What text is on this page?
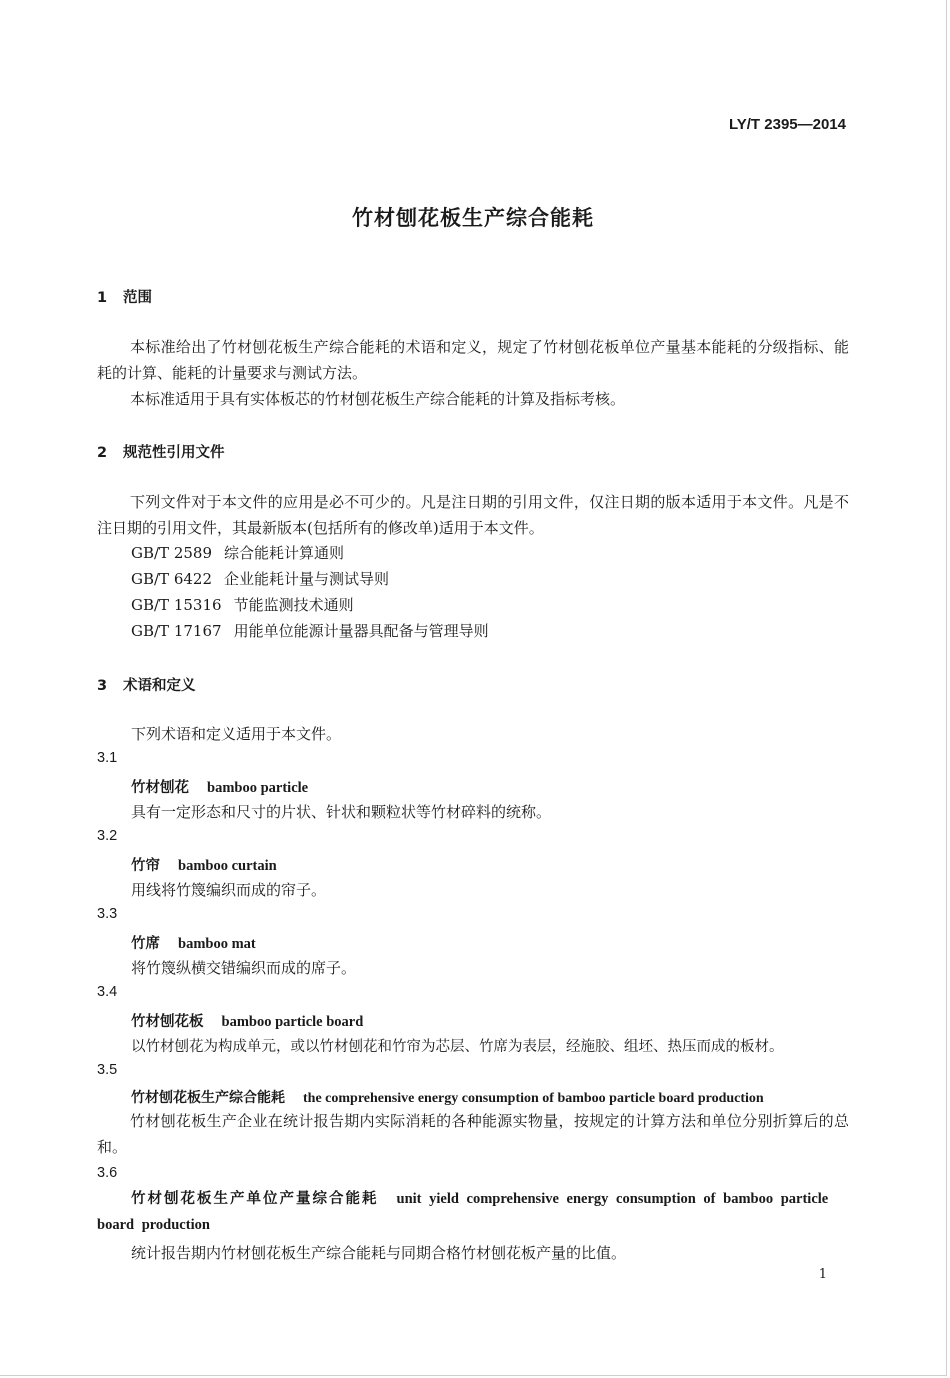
LY/T 2395—2014
竹材刨花板生产综合能耗
1 范围

本标准给出了竹材刨花板生产综合能耗的术语和定义，规定了竹材刨花板单位产量基本能耗的分级指标、能耗的计算、能耗的计量要求与测试方法。

本标准适用于具有实体板芯的竹材刨花板生产综合能耗的计算及指标考核。

2 规范性引用文件

下列文件对于本文件的应用是必不可少的。凡是注日期的引用文件，仅注日期的版本适用于本文件。凡是不注日期的引用文件，其最新版本(包括所有的修改单)适用于本文件。

GB/T 2589 综合能耗计算通则
GB/T 6422 企业能耗计量与测试导则
GB/T 15316 节能监测技术通则
GB/T 17167 用能单位能源计量器具配备与管理导则
3 术语和定义
下列术语和定义适用于本文件。
3.1
竹材刨花 bamboo particle
具有一定形态和尺寸的片状、针状和颗粒状等竹材碎料的统称。
3.2
竹帘 bamboo curtain
用线将竹篾编织而成的帘子。
3.3
竹席 bamboo mat
将竹篾纵横交错编织而成的席子。
3.4
竹材刨花板 bamboo particle board
以竹材刨花为构成单元，或以竹材刨花和竹帘为芯层、竹席为表层，经施胶、组坯、热压而成的板材。
3.5
竹材刨花板生产综合能耗 the comprehensive energy consumption of bamboo particle board production

竹材刨花板生产企业在统计报告期内实际消耗的各种能源实物量，按规定的计算方法和单位分别折算后的总和。

3.6
竹材刨花板生产单位产量综合能耗 unit yield comprehensive energy consumption of bamboo particle board production
统计报告期内竹材刨花板生产综合能耗与同期合格竹材刨花板产量的比值。
1
